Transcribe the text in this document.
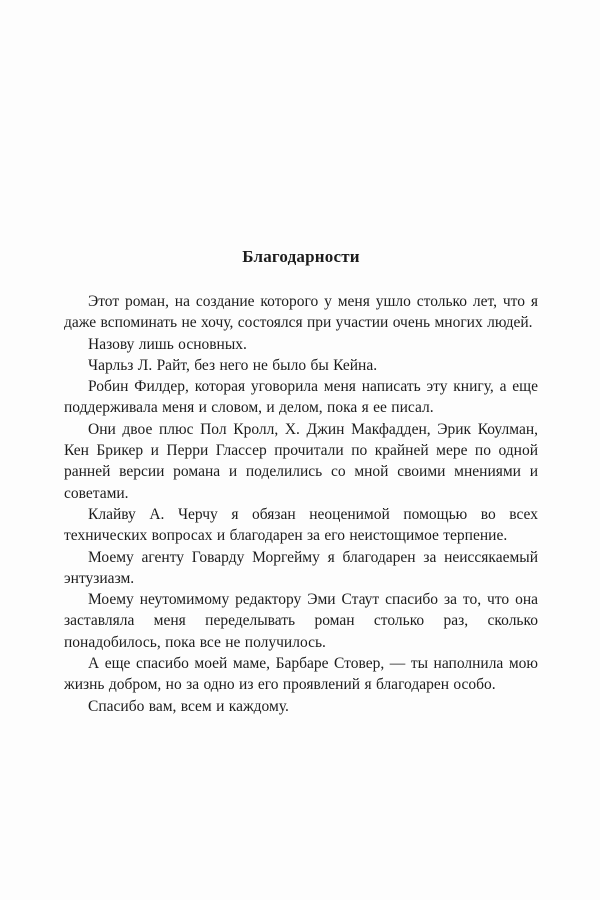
Благодарности

Этот роман, на создание которого у меня ушло столько лет, что я даже вспоминать не хочу, состоялся при участии очень многих людей.

Назову лишь основных.

Чарльз Л. Райт, без него не было бы Кейна.

Робин Филдер, которая уговорила меня написать эту книгу, а еще поддерживала меня и словом, и делом, пока я ее писал.

Они двое плюс Пол Кролл, Х. Джин Макфадден, Эрик Коулман, Кен Брикер и Перри Глассер прочитали по крайней мере по одной ранней версии романа и поделились со мной своими мнениями и советами.

Клайву А. Черчу я обязан неоценимой помощью во всех технических вопросах и благодарен за его неистощимое терпение.

Моему агенту Говарду Моргейму я благодарен за неиссякаемый энтузиазм.

Моему неутомимому редактору Эми Стаут спасибо за то, что она заставляла меня переделывать роман столько раз, сколько понадобилось, пока все не получилось.

А еще спасибо моей маме, Барбаре Стовер, — ты наполнила мою жизнь добром, но за одно из его проявлений я благодарен особо.

Спасибо вам, всем и каждому.
